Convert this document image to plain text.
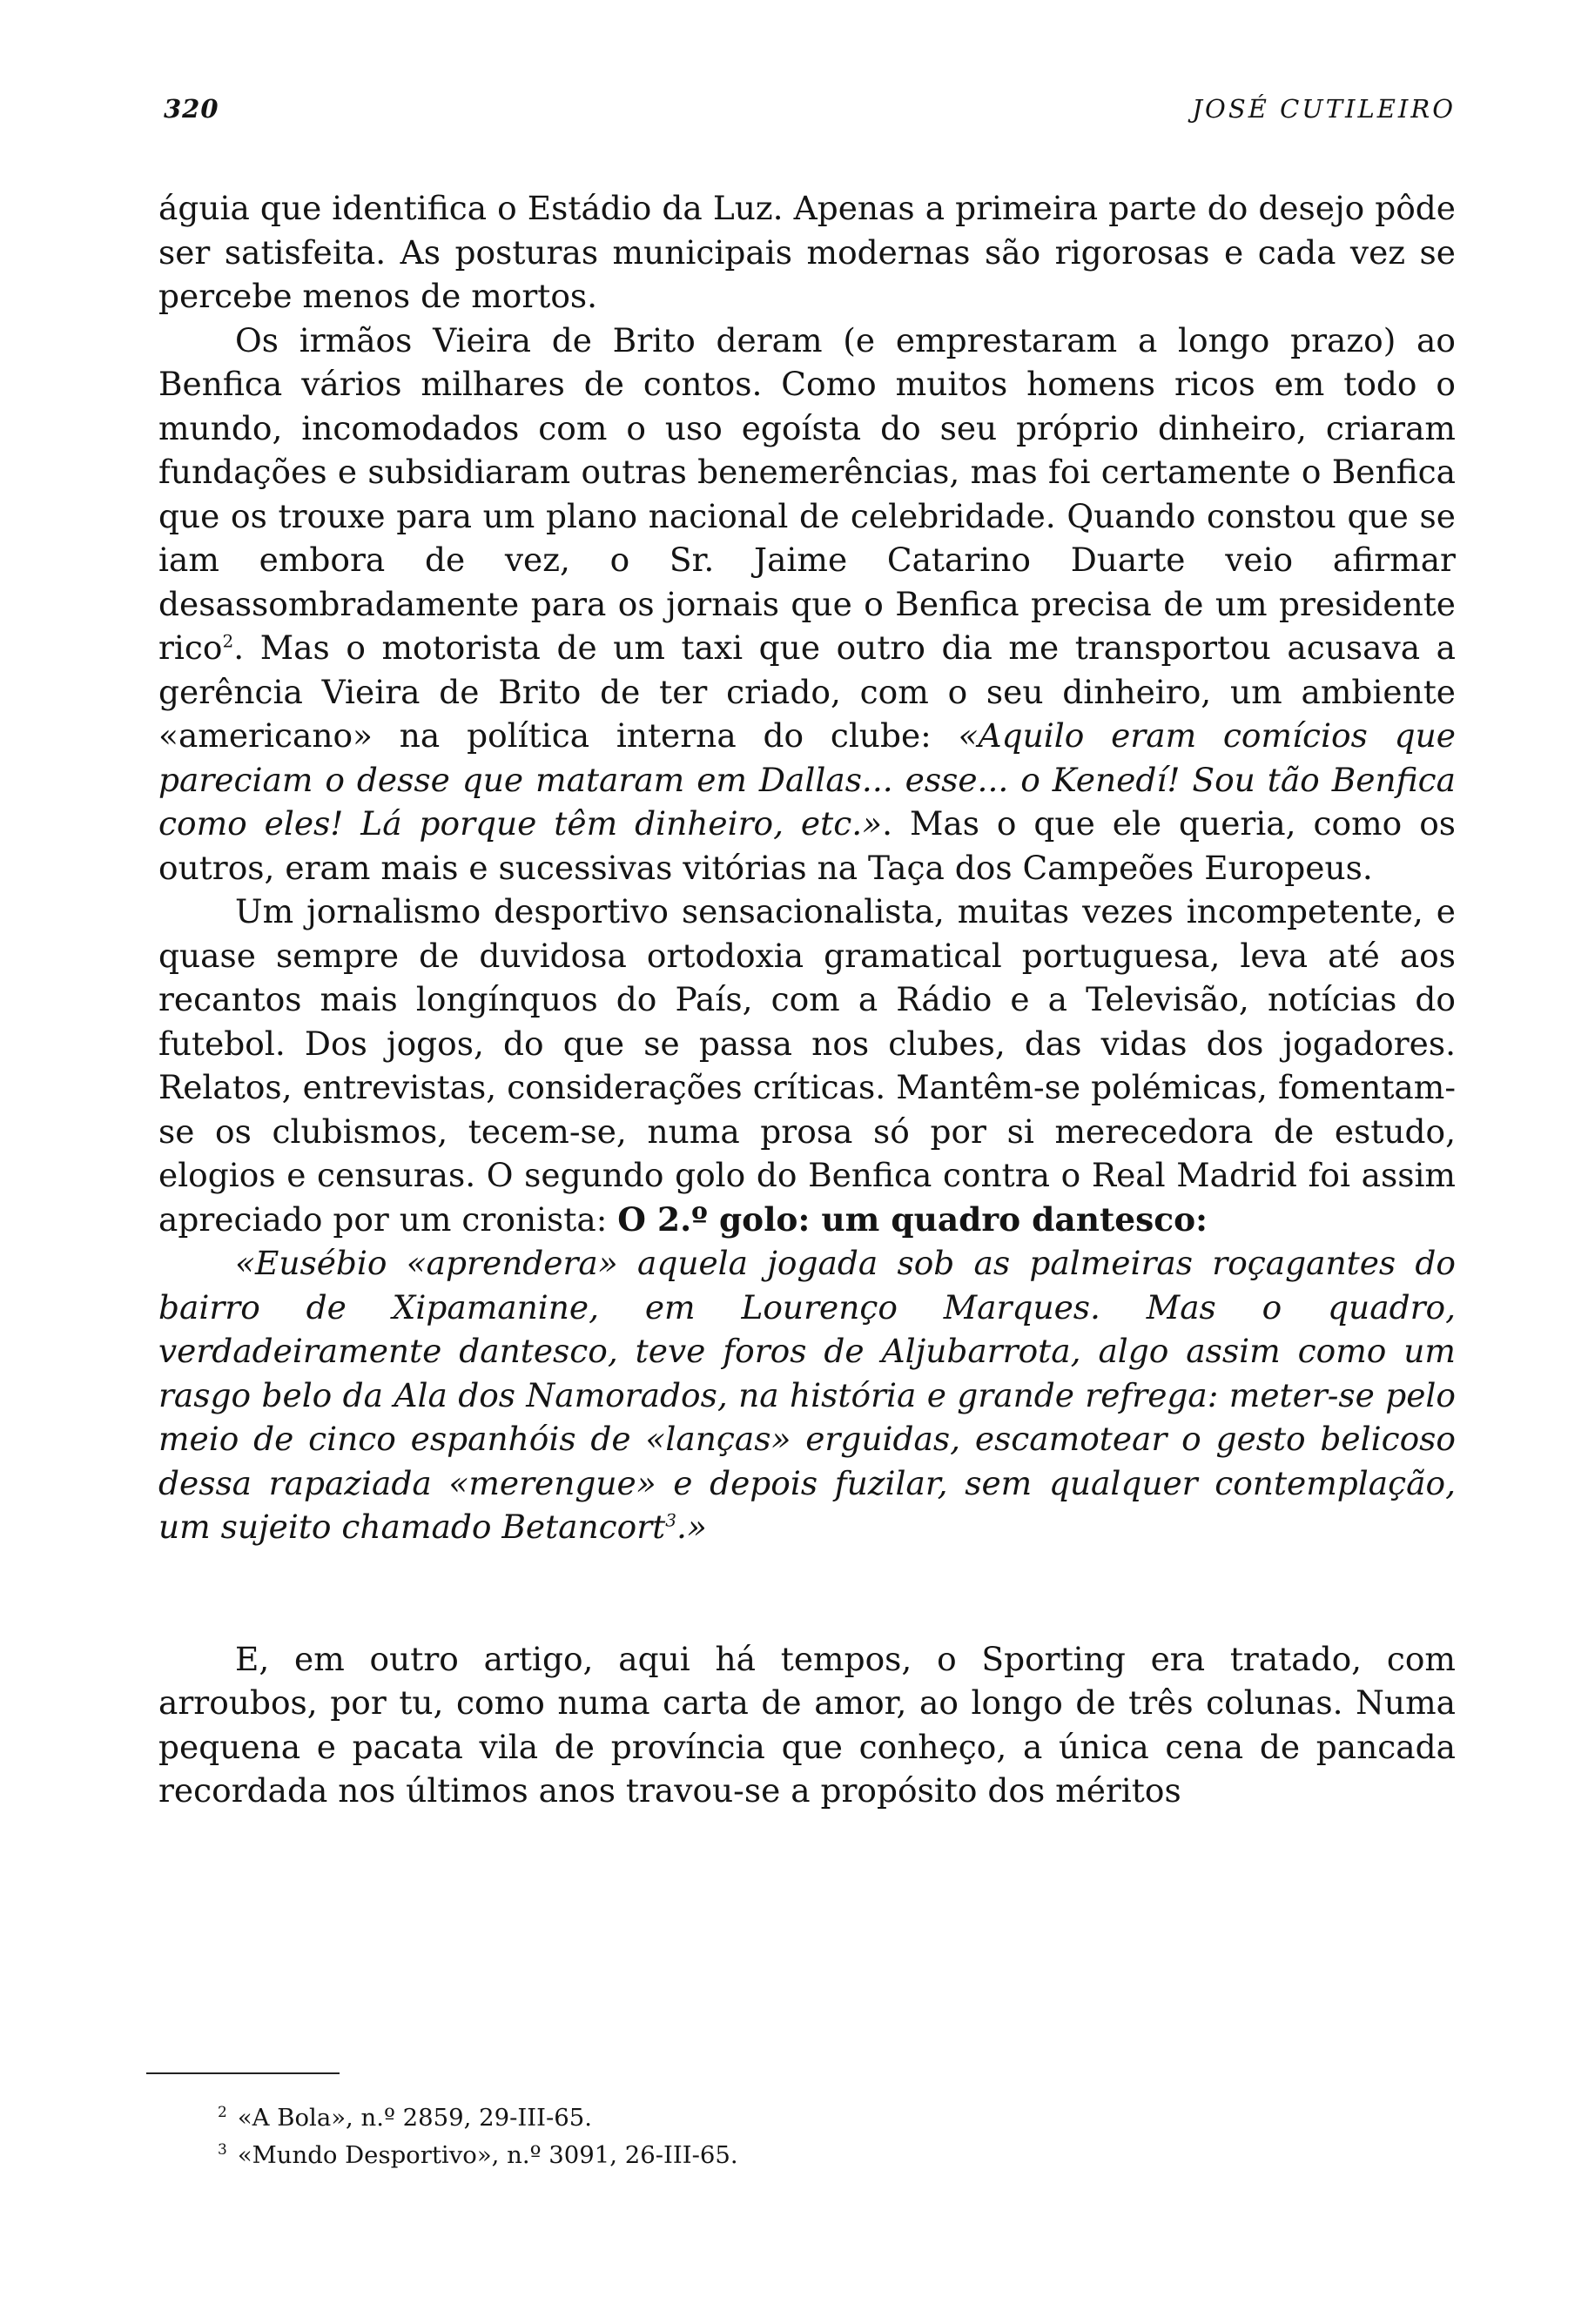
320	JOSÉ CUTILEIRO

águia que identifica o Estádio da Luz. Apenas a primeira parte do desejo pôde ser satisfeita. As posturas municipais modernas são rigorosas e cada vez se percebe menos de mortos.

Os irmãos Vieira de Brito deram (e emprestaram a longo prazo) ao Benfica vários milhares de contos. Como muitos homens ricos em todo o mundo, incomodados com o uso egoísta do seu próprio dinheiro, criaram fundações e subsidiaram outras benemerências, mas foi certamente o Benfica que os trouxe para um plano nacional de celebridade. Quando constou que se iam embora de vez, o Sr. Jaime Catarino Duarte veio afirmar desassombradamente para os jornais que o Benfica precisa de um presidente rico$^2$. Mas o motorista de um taxi que outro dia me transportou acusava a gerência Vieira de Brito de ter criado, com o seu dinheiro, um ambiente «americano» na política interna do clube: «Aquilo eram comícios que pareciam o desse que mataram em Dallas... esse... o Kenedí! Sou tão Benfica como eles! Lá porque têm dinheiro, etc.». Mas o que ele queria, como os outros, eram mais e sucessivas vitórias na Taça dos Campeões Europeus.

Um jornalismo desportivo sensacionalista, muitas vezes incompetente, e quase sempre de duvidosa ortodoxia gramatical portuguesa, leva até aos recantos mais longínquos do País, com a Rádio e a Televisão, notícias do futebol. Dos jogos, do que se passa nos clubes, das vidas dos jogadores. Relatos, entrevistas, considerações críticas. Mantêm-se polémicas, fomentam-se os clubismos, tecem-se, numa prosa só por si merecedora de estudo, elogios e censuras. O segundo golo do Benfica contra o Real Madrid foi assim apreciado por um cronista: O 2.º golo: um quadro dantesco:

«Eusébio «aprendera» aquela jogada sob as palmeiras roçagantes do bairro de Xipamanine, em Lourenço Marques. Mas o quadro, verdadeiramente dantesco, teve foros de Aljubarrota, algo assim como um rasgo belo da Ala dos Namorados, na história e grande refrega: meter-se pelo meio de cinco espanhóis de «lanças» erguidas, escamotear o gesto belicoso dessa rapaziada «merengue» e depois fuzilar, sem qualquer contemplação, um sujeito chamado Betancort$^3$.»

E, em outro artigo, aqui há tempos, o Sporting era tratado, com arroubos, por tu, como numa carta de amor, ao longo de três colunas. Numa pequena e pacata vila de província que conheço, a única cena de pancada recordada nos últimos anos travou-se a propósito dos méritos

$^2$ «A Bola», n.º 2859, 29-III-65.
$^3$ «Mundo Desportivo», n.º 3091, 26-III-65.
